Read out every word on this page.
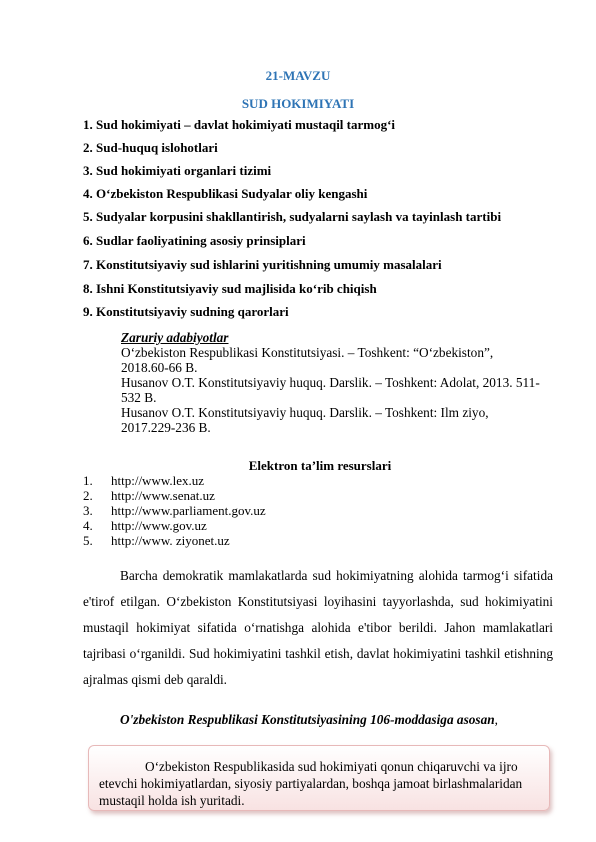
21-MAVZU
SUD HOKIMIYATI
1. Sud hokimiyati – davlat hokimiyati mustaqil tarmog‘i
2. Sud-huquq islohotlari
3. Sud hokimiyati organlari tizimi
4. O‘zbekiston Respublikasi Sudyalar oliy kengashi
5. Sudyalar korpusini shakllantirish, sudyalarni saylash va tayinlash tartibi
6. Sudlar faoliyatining asosiy prinsiplari
7. Konstitutsiyaviy sud ishlarini yuritishning umumiy masalalari
8. Ishni Konstitutsiyaviy sud majlisida ko‘rib chiqish
9. Konstitutsiyaviy sudning qarorlari
Zaruriy adabiyotlar
O‘zbekiston Respublikasi Konstitutsiyasi. – Toshkent: “O‘zbekiston”, 2018.60-66 B.
Husanov O.T. Konstitutsiyaviy huquq. Darslik. – Toshkent: Adolat, 2013. 511-532 B.
Husanov O.T. Konstitutsiyaviy huquq. Darslik. – Toshkent: Ilm ziyo, 2017.229-236 B.
Elektron ta’lim resurslari
1. http://www.lex.uz
2. http://www.senat.uz
3. http://www.parliament.gov.uz
4. http://www.gov.uz
5. http://www. ziyonet.uz
Barcha demokratik mamlakatlarda sud hokimiyatning alohida tarmog‘i sifatida e'tirof etilgan. O‘zbekiston Konstitutsiyasi loyihasini tayyorlashda, sud hokimiyatini mustaqil hokimiyat sifatida o‘rnatishga alohida e'tibor berildi. Jahon mamlakatlari tajribasi o‘rganildi. Sud hokimiyatini tashkil etish, davlat hokimiyatini tashkil etishning ajralmas qismi deb qaraldi.
O'zbekiston Respublikasi Konstitutsiyasining 106-moddasiga asosan,
O‘zbekiston Respublikasida sud hokimiyati qonun chiqaruvchi va ijro etevchi hokimiyatlardan, siyosiy partiyalardan, boshqa jamoat birlashmalaridan mustaqil holda ish yuritadi.
